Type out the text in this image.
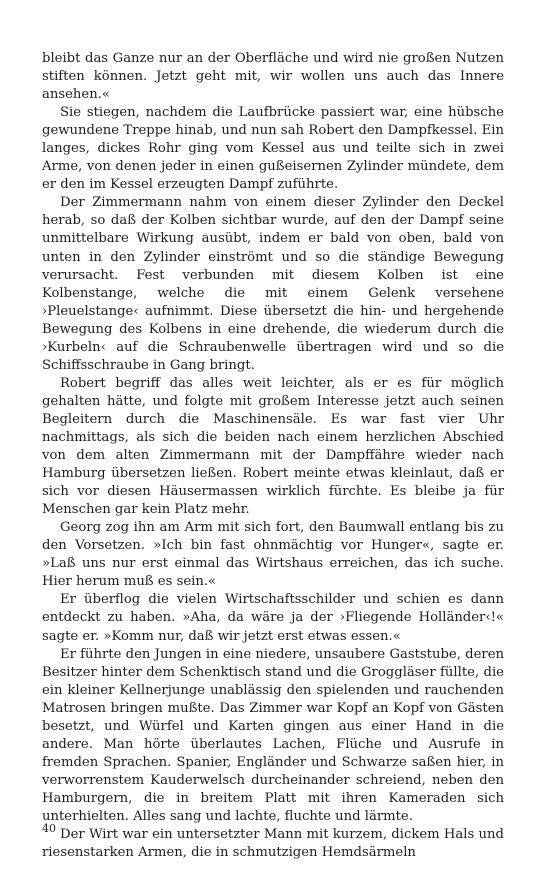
bleibt das Ganze nur an der Oberfläche und wird nie großen Nutzen stiften können. Jetzt geht mit, wir wollen uns auch das Innere ansehen.«

Sie stiegen, nachdem die Laufbrücke passiert war, eine hübsche gewundene Treppe hinab, und nun sah Robert den Dampfkessel. Ein langes, dickes Rohr ging vom Kessel aus und teilte sich in zwei Arme, von denen jeder in einen gußeisernen Zylinder mündete, dem er den im Kessel erzeugten Dampf zuführte.

Der Zimmermann nahm von einem dieser Zylinder den Deckel herab, so daß der Kolben sichtbar wurde, auf den der Dampf seine unmittelbare Wirkung ausübt, indem er bald von oben, bald von unten in den Zylinder einströmt und so die ständige Bewegung verursacht. Fest verbunden mit diesem Kolben ist eine Kolbenstange, welche die mit einem Gelenk versehene ›Pleuelstange‹ aufnimmt. Diese übersetzt die hin- und hergehende Bewegung des Kolbens in eine drehende, die wiederum durch die ›Kurbeln‹ auf die Schraubenwelle übertragen wird und so die Schiffsschraube in Gang bringt.

Robert begriff das alles weit leichter, als er es für möglich gehalten hätte, und folgte mit großem Interesse jetzt auch seinen Begleitern durch die Maschinensäle. Es war fast vier Uhr nachmittags, als sich die beiden nach einem herzlichen Abschied von dem alten Zimmermann mit der Dampffähre wieder nach Hamburg übersetzen ließen. Robert meinte etwas kleinlaut, daß er sich vor diesen Häusermassen wirklich fürchte. Es bleibe ja für Menschen gar kein Platz mehr.

Georg zog ihn am Arm mit sich fort, den Baumwall entlang bis zu den Vorsetzen. »Ich bin fast ohnmächtig vor Hunger«, sagte er. »Laß uns nur erst einmal das Wirtshaus erreichen, das ich suche. Hier herum muß es sein.«

Er überflog die vielen Wirtschaftsschilder und schien es dann entdeckt zu haben. »Aha, da wäre ja der ›Fliegende Holländer‹!« sagte er. »Komm nur, daß wir jetzt erst etwas essen.«

Er führte den Jungen in eine niedere, unsaubere Gaststube, deren Besitzer hinter dem Schenktisch stand und die Groggläser füllte, die ein kleiner Kellnerjunge unablässig den spielenden und rauchenden Matrosen bringen mußte. Das Zimmer war Kopf an Kopf von Gästen besetzt, und Würfel und Karten gingen aus einer Hand in die andere. Man hörte überlautes Lachen, Flüche und Ausrufe in fremden Sprachen. Spanier, Engländer und Schwarze saßen hier, in verworrenstem Kauderwelsch durcheinander schreiend, neben den Hamburgern, die in breitem Platt mit ihren Kameraden sich unterhielten. Alles sang und lachte, fluchte und lärmte.

Der Wirt war ein untersetzter Mann mit kurzem, dickem Hals und riesenstarken Armen, die in schmutzigen Hemdsärmeln

40
